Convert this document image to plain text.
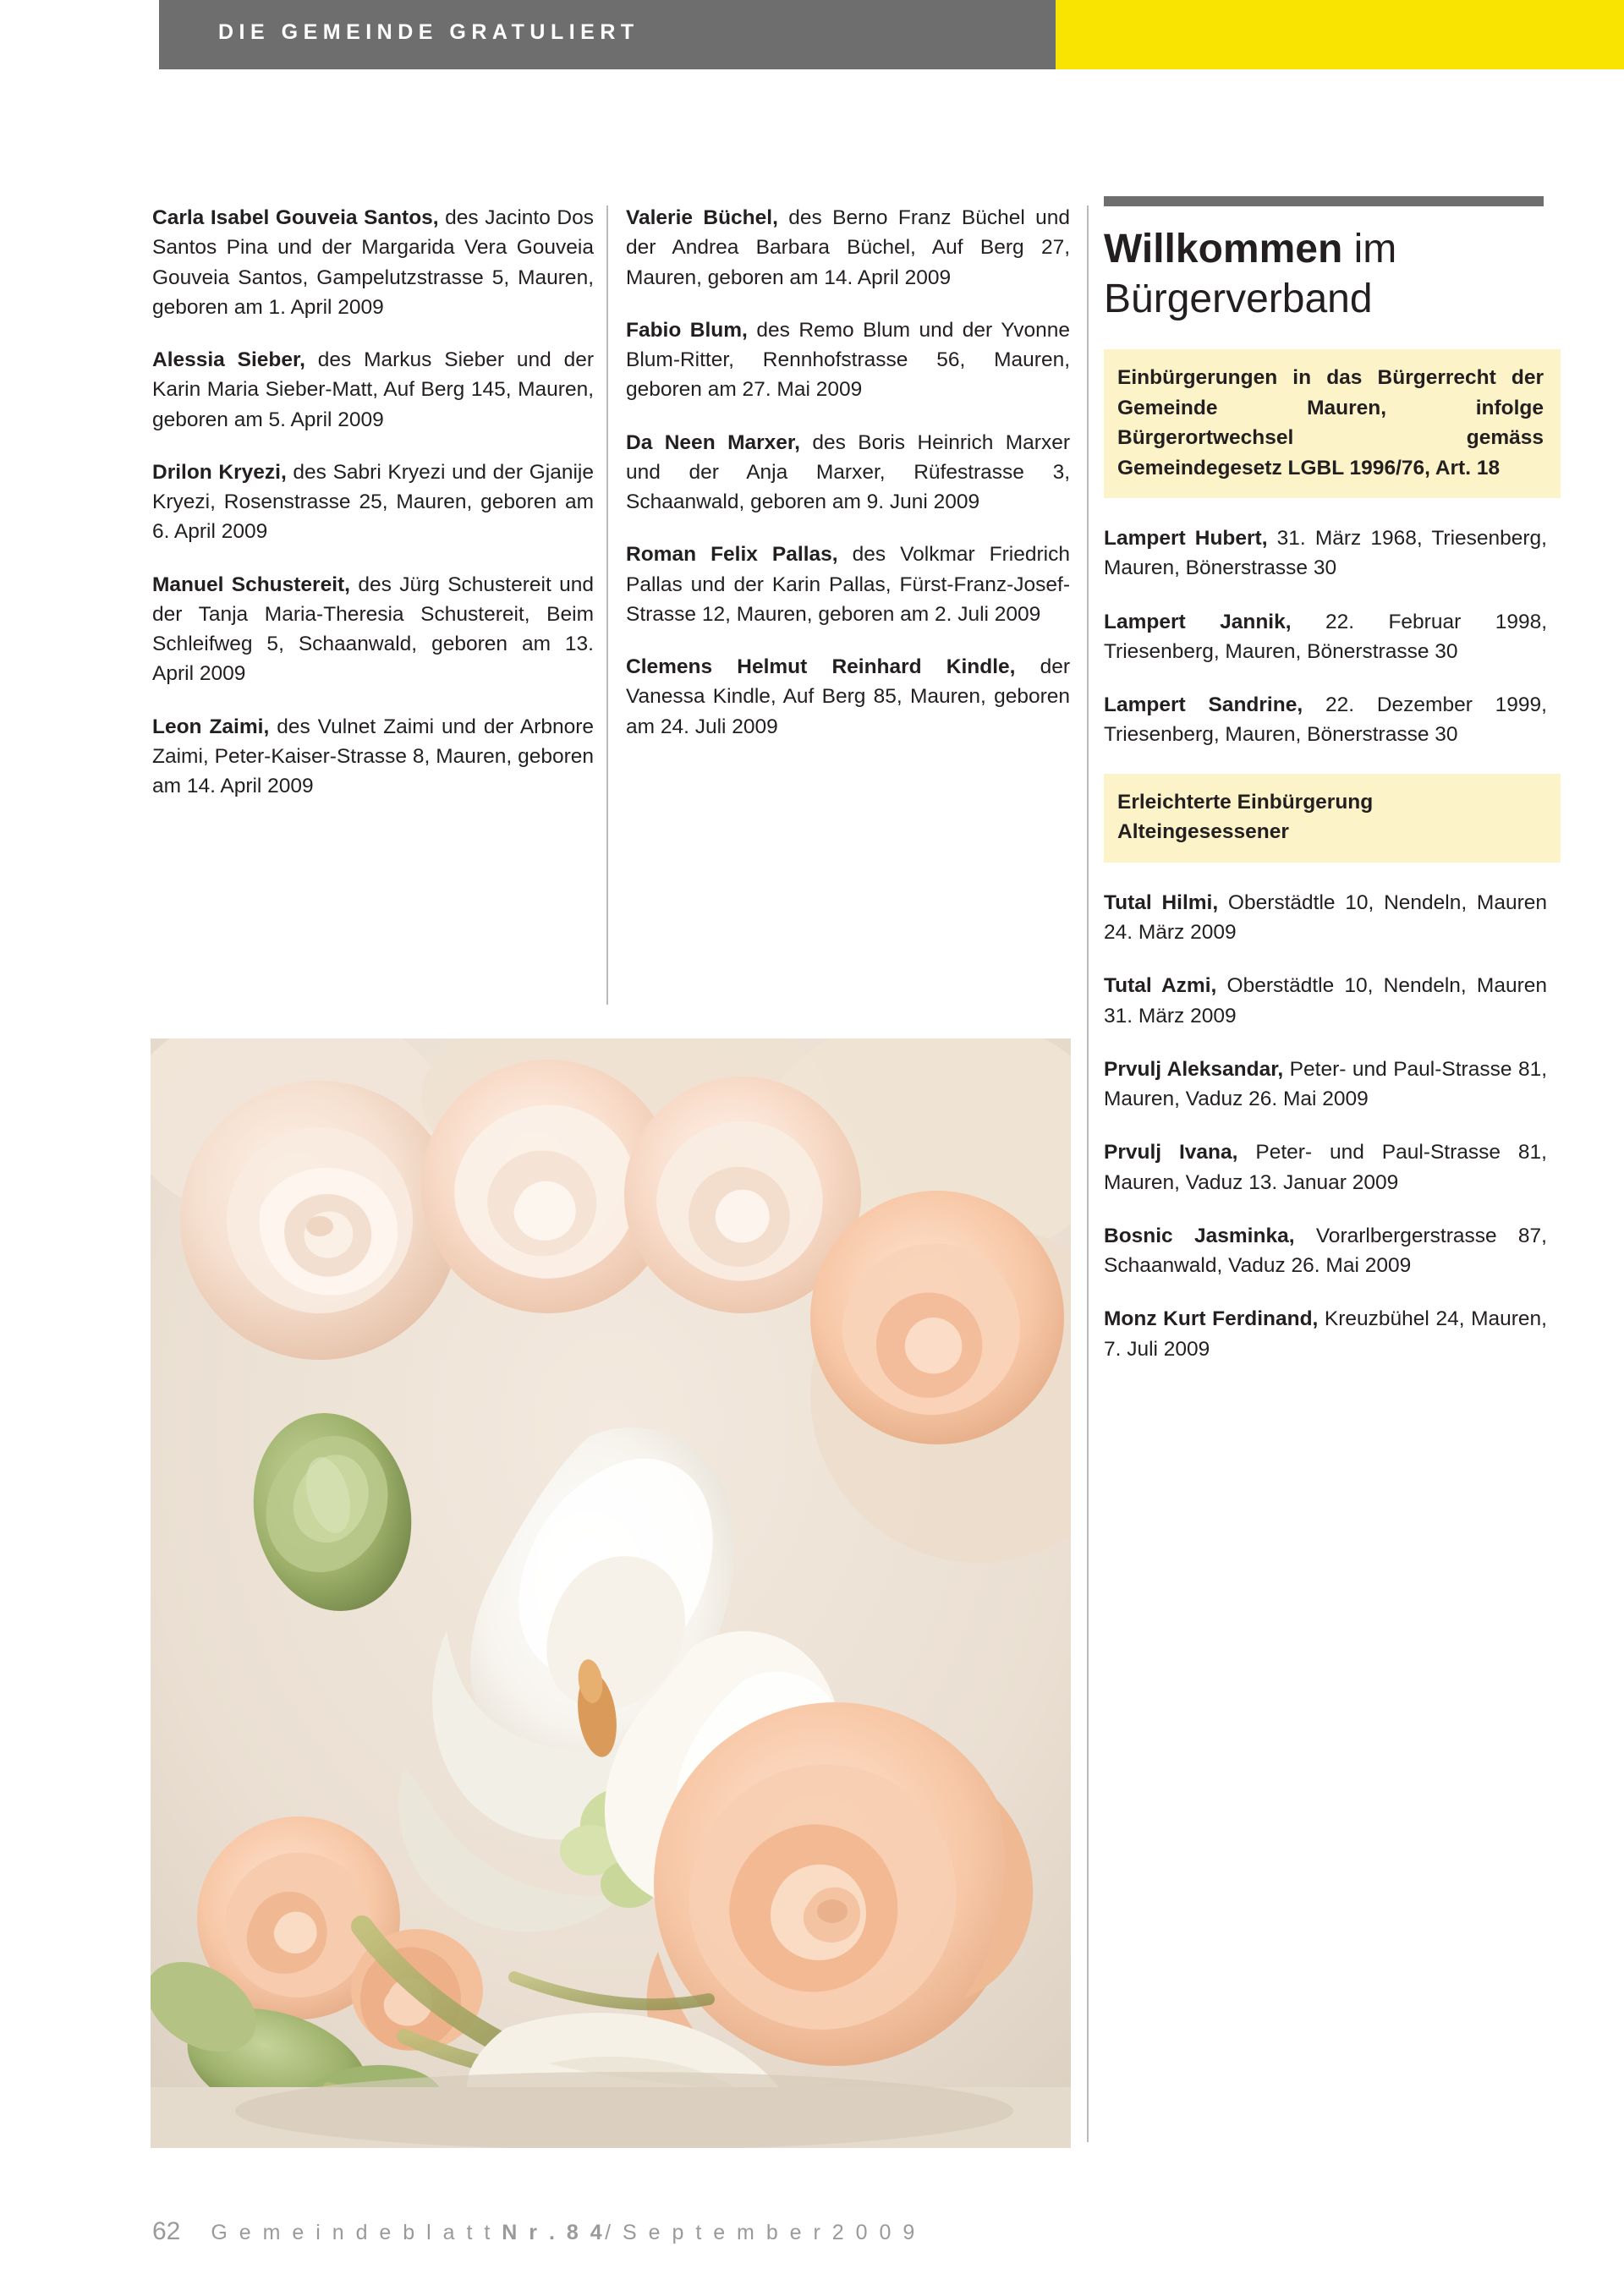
DIE GEMEINDE GRATULIERT

Carla Isabel Gouveia Santos, des Jacinto Dos Santos Pina und der Margarida Vera Gouveia Gouveia Santos, Gampelutzstrasse 5, Mauren, geboren am 1. April 2009

Alessia Sieber, des Markus Sieber und der Karin Maria Sieber-Matt, Auf Berg 145, Mauren, geboren am 5. April 2009

Drilon Kryezi, des Sabri Kryezi und der Gjanije Kryezi, Rosenstrasse 25, Mauren, geboren am 6. April 2009

Manuel Schustereit, des Jürg Schustereit und der Tanja Maria-Theresia Schustereit, Beim Schleifweg 5, Schaanwald, geboren am 13. April 2009

Leon Zaimi, des Vulnet Zaimi und der Arbnore Zaimi, Peter-Kaiser-Strasse 8, Mauren, geboren am 14. April 2009

Valerie Büchel, des Berno Franz Büchel und der Andrea Barbara Büchel, Auf Berg 27, Mauren, geboren am 14. April 2009

Fabio Blum, des Remo Blum und der Yvonne Blum-Ritter, Rennhofstrasse 56, Mauren, geboren am 27. Mai 2009

Da Neen Marxer, des Boris Heinrich Marxer und der Anja Marxer, Rüfestrasse 3, Schaanwald, geboren am 9. Juni 2009

Roman Felix Pallas, des Volkmar Friedrich Pallas und der Karin Pallas, Fürst-Franz-Josef-Strasse 12, Mauren, geboren am 2. Juli 2009

Clemens Helmut Reinhard Kindle, der Vanessa Kindle, Auf Berg 85, Mauren, geboren am 24. Juli 2009

Willkommen im
Bürgerverband
Einbürgerungen in das Bürgerrecht der Gemeinde Mauren, infolge Bürgerortwechsel gemäss Gemeindegesetz LGBL 1996/76, Art. 18

Lampert Hubert, 31. März 1968, Triesenberg, Mauren, Bönerstrasse 30

Lampert Jannik, 22. Februar 1998, Triesenberg, Mauren, Bönerstrasse 30

Lampert Sandrine, 22. Dezember 1999, Triesenberg, Mauren, Bönerstrasse 30

Erleichterte Einbürgerung
Alteingesessener

Tutal Hilmi, Oberstädtle 10, Nendeln, Mauren 24. März 2009

Tutal Azmi, Oberstädtle 10, Nendeln, Mauren 31. März 2009

Prvulj Aleksandar, Peter- und Paul-Strasse 81, Mauren, Vaduz 26. Mai 2009

Prvulj Ivana, Peter- und Paul-Strasse 81, Mauren, Vaduz 13. Januar 2009

Bosnic Jasminka, Vorarlbergerstrasse 87, Schaanwald, Vaduz 26. Mai 2009

Monz Kurt Ferdinand, Kreuzbühel 24, Mauren, 7. Juli 2009

62 G e m e i n d e b l a t t N r . 8 4/ S e p t e m b e r 2 0 0 9
